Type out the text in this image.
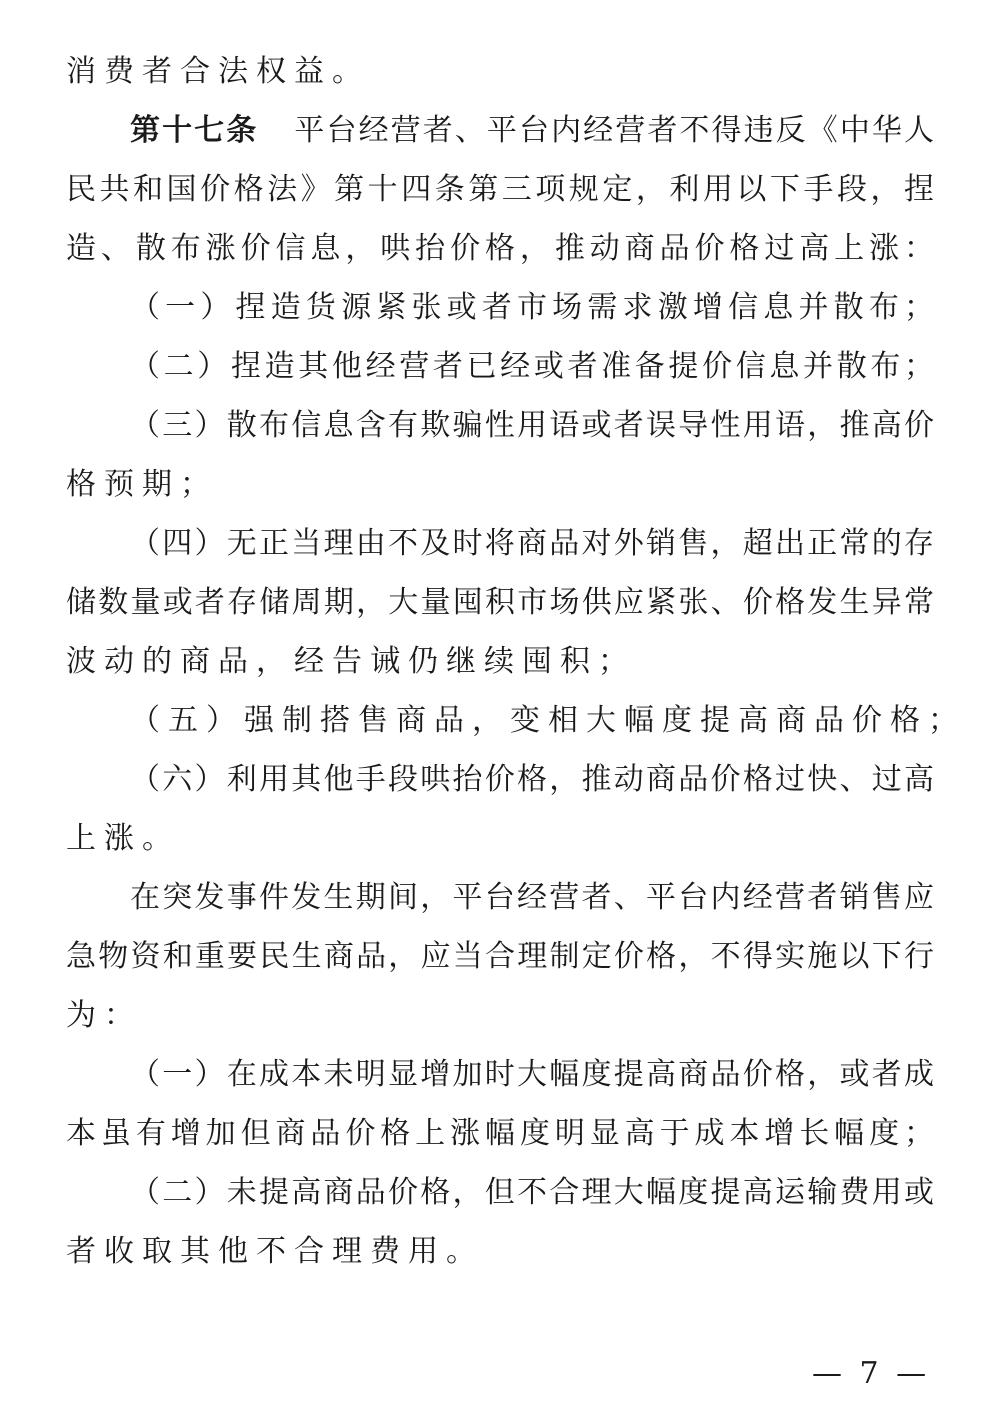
消费者合法权益。
第十七条 平台经营者、平台内经营者不得违反《中华人
民共和国价格法》第十四条第三项规定，利用以下手段，捏
造、散布涨价信息，哄抬价格，推动商品价格过高上涨：
（一）捏造货源紧张或者市场需求激增信息并散布；
（二）捏造其他经营者已经或者准备提价信息并散布；
（三）散布信息含有欺骗性用语或者误导性用语，推高价
格预期；
（四）无正当理由不及时将商品对外销售，超出正常的存
储数量或者存储周期，大量囤积市场供应紧张、价格发生异常
波动的商品，经告诫仍继续囤积；
（五）强制搭售商品，变相大幅度提高商品价格；
（六）利用其他手段哄抬价格，推动商品价格过快、过高
上涨。
在突发事件发生期间，平台经营者、平台内经营者销售应
急物资和重要民生商品，应当合理制定价格，不得实施以下行
为：
（一）在成本未明显增加时大幅度提高商品价格，或者成
本虽有增加但商品价格上涨幅度明显高于成本增长幅度；
（二）未提高商品价格，但不合理大幅度提高运输费用或
者收取其他不合理费用。
— 7 —
